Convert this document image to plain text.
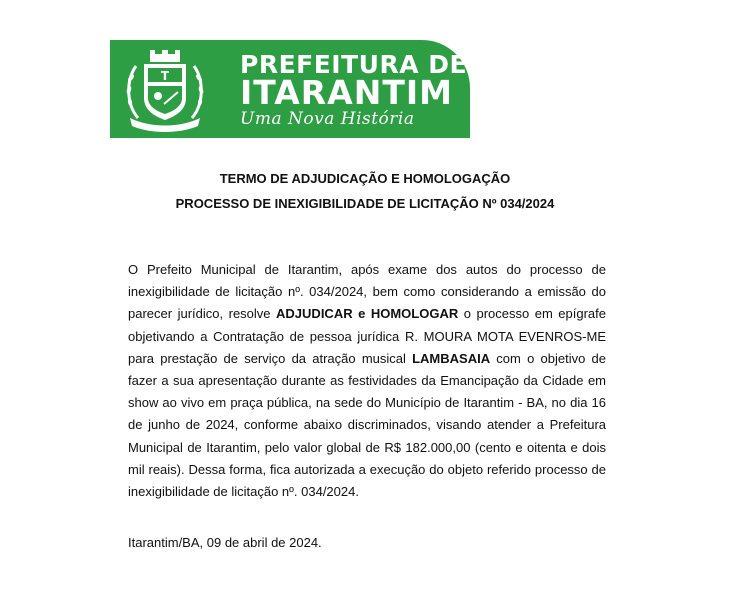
T	PREFEITURA DE
ITARANTIM
Uma Nova História
TERMO DE ADJUDICAÇÃO E HOMOLOGAÇÃO
PROCESSO DE INEXIGIBILIDADE DE LICITAÇÃO Nº 034/2024

O Prefeito Municipal de Itarantim, após exame dos autos do processo de inexigibilidade de licitação nº. 034/2024, bem como considerando a emissão do parecer jurídico, resolve ADJUDICAR e HOMOLOGAR o processo em epígrafe objetivando a Contratação de pessoa jurídica R. MOURA MOTA EVENROS-ME para prestação de serviço da atração musical LAMBASAIA com o objetivo de fazer a sua apresentação durante as festividades da Emancipação da Cidade em show ao vivo em praça pública, na sede do Município de Itarantim - BA, no dia 16 de junho de 2024, conforme abaixo discriminados, visando atender a Prefeitura Municipal de Itarantim, pelo valor global de R$ 182.000,00 (cento e oitenta e dois mil reais). Dessa forma, fica autorizada a execução do objeto referido processo de inexigibilidade de licitação nº. 034/2024.

Itarantim/BA, 09 de abril de 2024.
